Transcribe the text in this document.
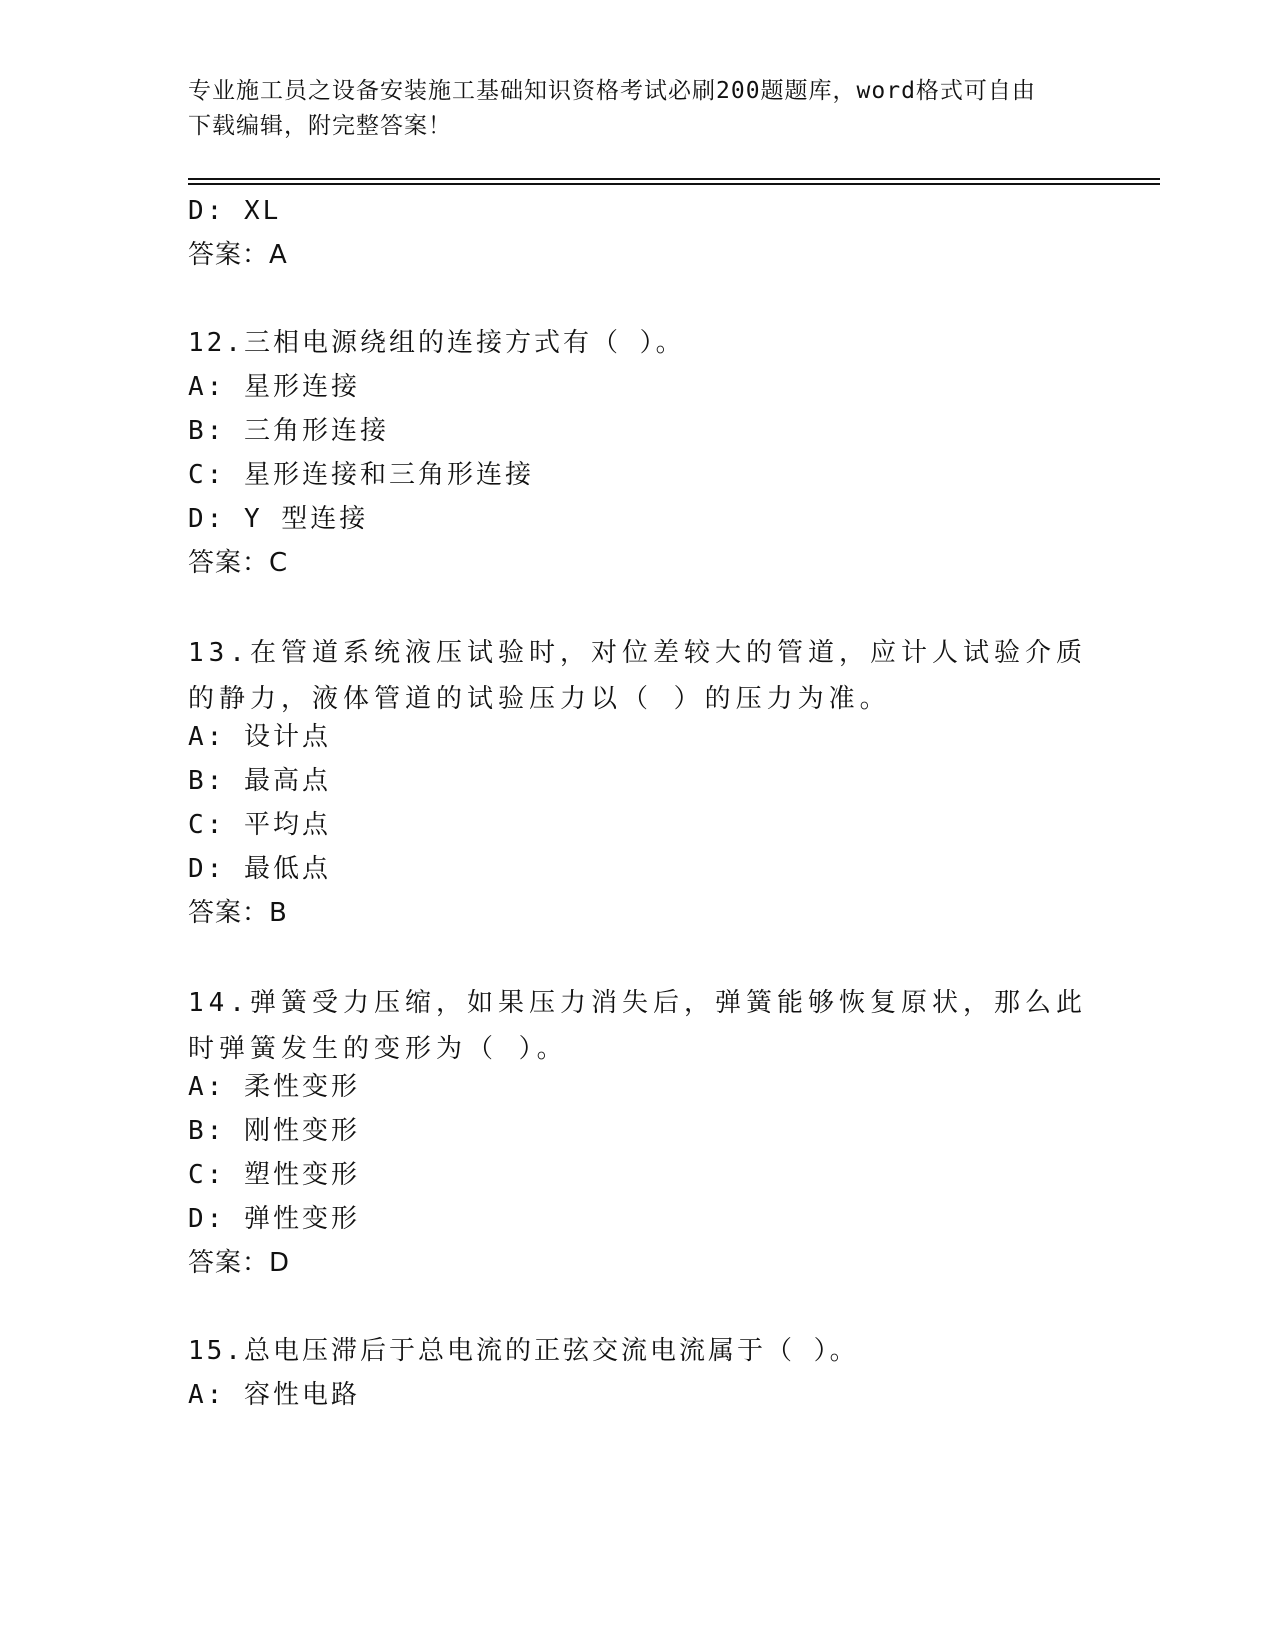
专业施工员之设备安装施工基础知识资格考试必刷200题题库，word格式可自由
下载编辑，附完整答案！
D: XL
答案：A
12.三相电源绕组的连接方式有（ ）。
A: 星形连接
B: 三角形连接
C: 星形连接和三角形连接
D: Y 型连接
答案：C
13.在管道系统液压试验时，对位差较大的管道，应计人试验介质的静力，液体管道的试验压力以（ ）的压力为准。
A: 设计点
B: 最高点
C: 平均点
D: 最低点
答案：B
14.弹簧受力压缩，如果压力消失后，弹簧能够恢复原状，那么此时弹簧发生的变形为（ ）。
A: 柔性变形
B: 刚性变形
C: 塑性变形
D: 弹性变形
答案：D
15.总电压滞后于总电流的正弦交流电流属于（ ）。
A: 容性电路
